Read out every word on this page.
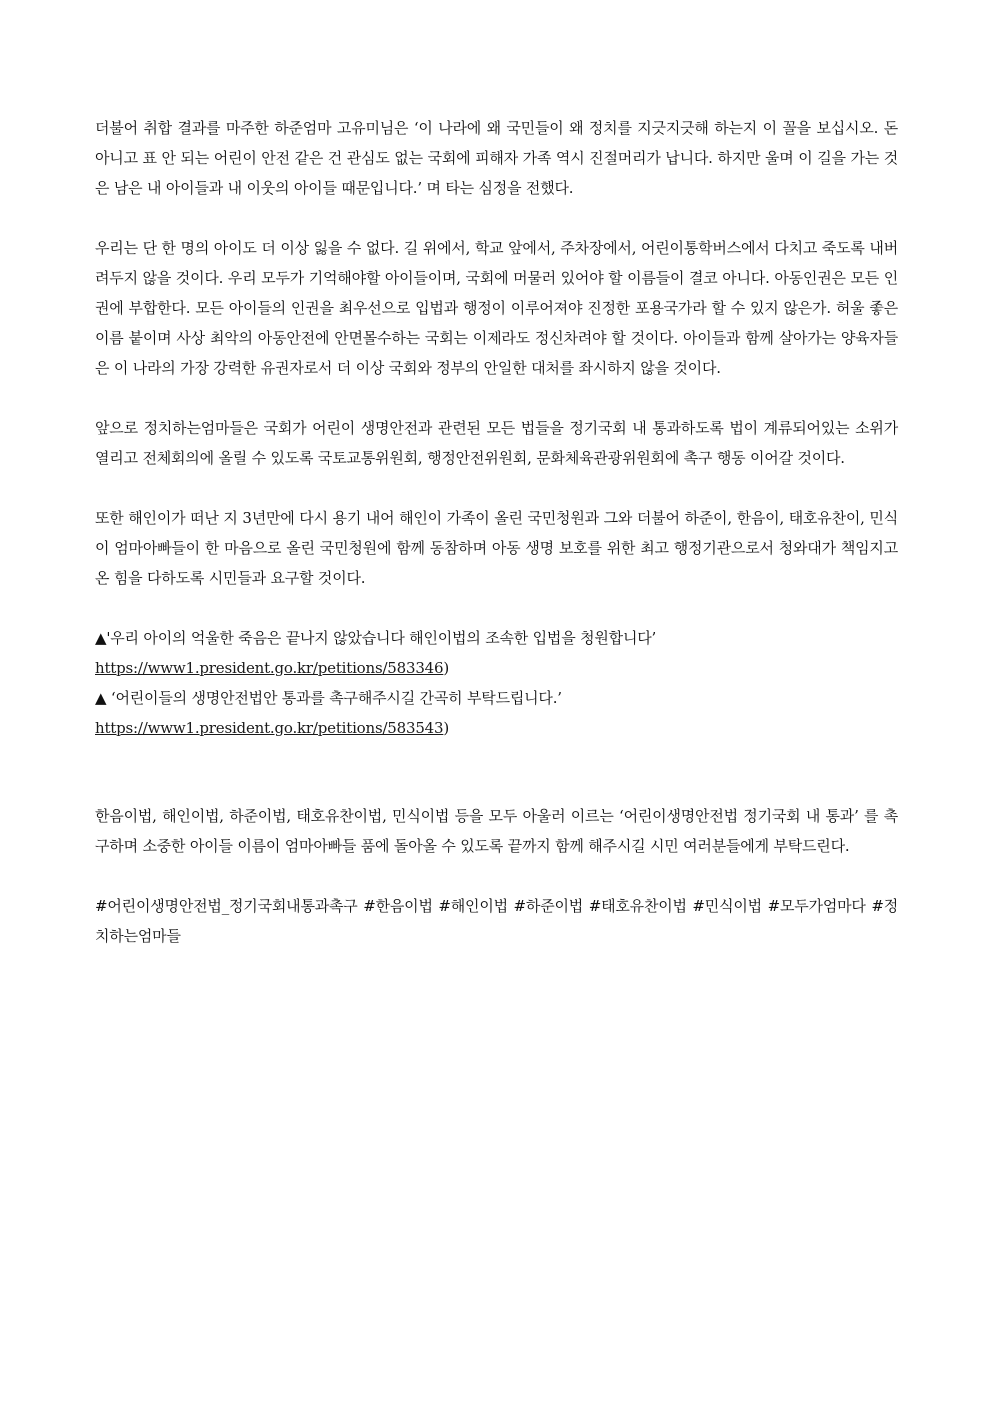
더불어 취합 결과를 마주한 하준엄마 고유미님은 ‘이 나라에 왜 국민들이 왜 정치를 지긋지긋해 하는지 이 꼴을 보십시오. 돈 아니고 표 안 되는 어린이 안전 같은 건 관심도 없는 국회에 피해자 가족 역시 진절머리가 납니다. 하지만 울며 이 길을 가는 것은 남은 내 아이들과 내 이웃의 아이들 때문입니다.’ 며 타는 심정을 전했다.

우리는 단 한 명의 아이도 더 이상 잃을 수 없다. 길 위에서, 학교 앞에서, 주차장에서, 어린이통학버스에서 다치고 죽도록 내버려두지 않을 것이다. 우리 모두가 기억해야할 아이들이며, 국회에 머물러 있어야 할 이름들이 결코 아니다. 아동인권은 모든 인권에 부합한다. 모든 아이들의 인권을 최우선으로 입법과 행정이 이루어져야 진정한 포용국가라 할 수 있지 않은가. 허울 좋은 이름 붙이며 사상 최악의 아동안전에 안면몰수하는 국회는 이제라도 정신차려야 할 것이다. 아이들과 함께 살아가는 양육자들은 이 나라의 가장 강력한 유권자로서 더 이상 국회와 정부의 안일한 대처를 좌시하지 않을 것이다.

앞으로 정치하는엄마들은 국회가 어린이 생명안전과 관련된 모든 법들을 정기국회 내 통과하도록 법이 계류되어있는 소위가 열리고 전체회의에 올릴 수 있도록 국토교통위원회, 행정안전위원회, 문화체육관광위원회에 촉구 행동 이어갈 것이다.

또한 해인이가 떠난 지 3년만에 다시 용기 내어 해인이 가족이 올린 국민청원과 그와 더불어 하준이, 한음이, 태호유찬이, 민식이 엄마아빠들이 한 마음으로 올린 국민청원에 함께 동참하며 아동 생명 보호를 위한 최고 행정기관으로서 청와대가 책임지고 온 힘을 다하도록 시민들과 요구할 것이다.

▲'우리 아이의 억울한 죽음은 끝나지 않았습니다 해인이법의 조속한 입법을 청원합니다’

https://www1.president.go.kr/petitions/583346)

▲ ‘어린이들의 생명안전법안 통과를 촉구해주시길 간곡히 부탁드립니다.’

https://www1.president.go.kr/petitions/583543)

한음이법, 해인이법, 하준이법, 태호유찬이법, 민식이법 등을 모두 아울러 이르는 ‘어린이생명안전법 정기국회 내 통과’ 를 촉구하며 소중한 아이들 이름이 엄마아빠들 품에 돌아올 수 있도록 끝까지 함께 해주시길 시민 여러분들에게 부탁드린다.

#어린이생명안전법_정기국회내통과촉구 #한음이법 #해인이법 #하준이법 #태호유찬이법 #민식이법 #모두가엄마다 #정치하는엄마들
